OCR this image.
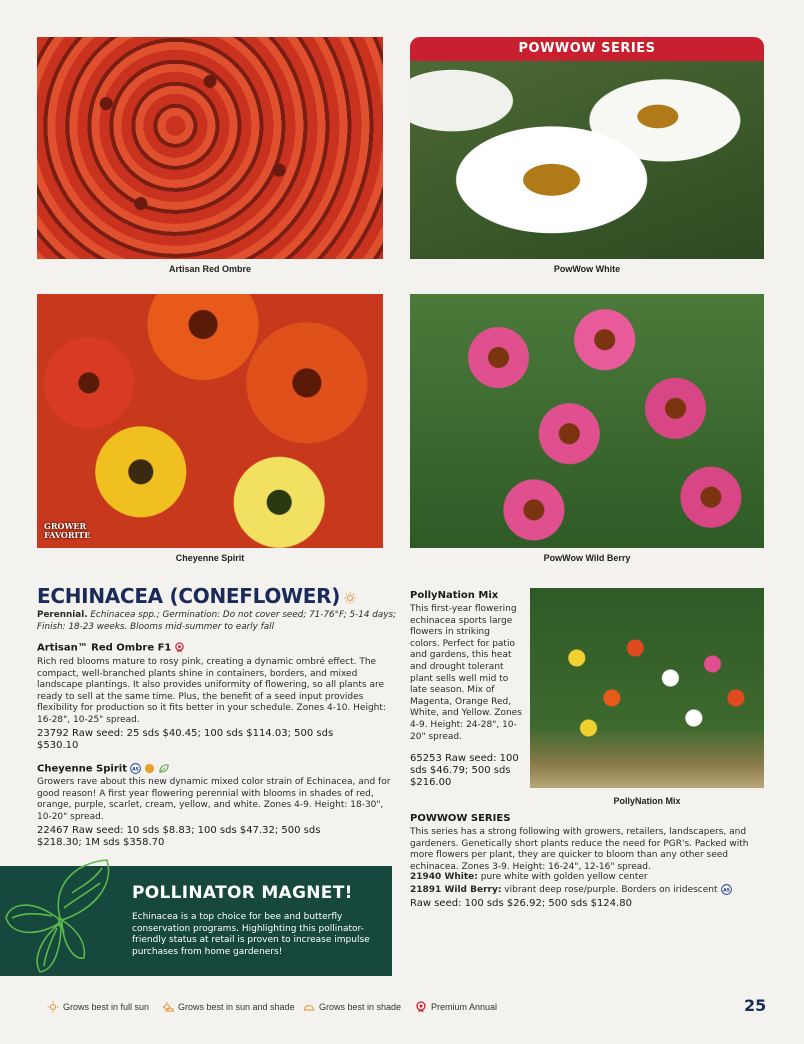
Artisan Red Ombre
POWWOW SERIES
PowWow White
GROWER
FAVORITE
Cheyenne Spirit	PowWow Wild Berry
PollyNation Mix
ECHINACEA (CONEFLOWER)
Perennial. Echinacea spp.; Germination: Do not cover seed; 71-76°F; 5-14 days; Finish: 18-23 weeks. Blooms mid-summer to early fall
Artisan™ Red Ombre F1
Rich red blooms mature to rosy pink, creating a dynamic ombré effect. The compact, well-branched plants shine in containers, borders, and mixed landscape plantings. It also provides uniformity of flowering, so all plants are ready to sell at the same time. Plus, the benefit of a seed input provides flexibility for production so it fits better in your schedule. Zones 4-10. Height: 16-28", 10-25" spread.
23792 Raw seed: 25 sds $40.45; 100 sds $114.03; 500 sds $530.10
Cheyenne Spirit AS
Growers rave about this new dynamic mixed color strain of Echinacea, and for good reason! A first year flowering perennial with blooms in shades of red, orange, purple, scarlet, cream, yellow, and white. Zones 4-9. Height: 18-30", 10-20" spread.
22467 Raw seed: 10 sds $8.83; 100 sds $47.32; 500 sds $218.30; 1M sds $358.70
POLLINATOR MAGNET!

Echinacea is a top choice for bee and butterfly conservation programs. Highlighting this pollinator-friendly status at retail is proven to increase impulse purchases from home gardeners!

PollyNation Mix
This first-year flowering echinacea sports large flowers in striking colors. Perfect for patio and gardens, this heat and drought tolerant plant sells well mid to late season. Mix of Magenta, Orange Red, White, and Yellow. Zones 4-9. Height: 24-28", 10-20" spread.
65253 Raw seed: 100 sds $46.79; 500 sds $216.00
POWWOW SERIES
This series has a strong following with growers, retailers, landscapers, and gardeners. Genetically short plants reduce the need for PGR's. Packed with more flowers per plant, they are quicker to bloom than any other seed echinacea. Zones 3-9. Height: 16-24", 12-16" spread.
21940 White: pure white with golden yellow center
21891 Wild Berry: vibrant deep rose/purple. Borders on iridescent AS
Raw seed: 100 sds $26.92; 500 sds $124.80
Grows best in full sun	Grows best in sun and shade	Grows best in shade	Premium Annual	25
